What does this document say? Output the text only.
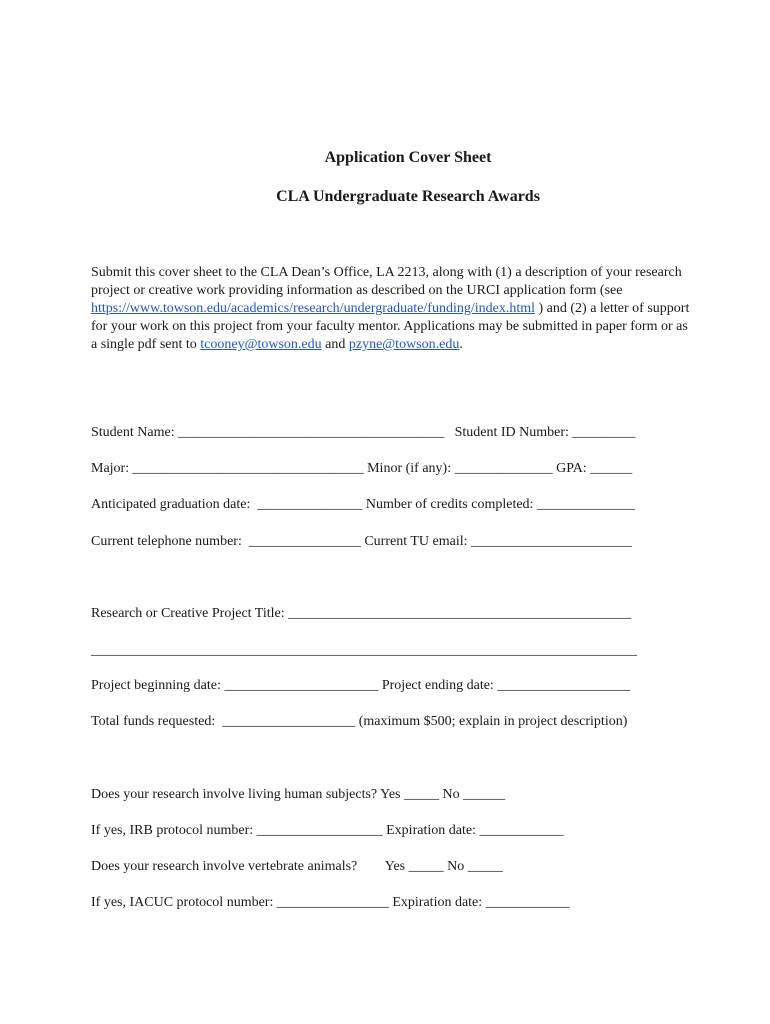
Application Cover Sheet
CLA Undergraduate Research Awards

Submit this cover sheet to the CLA Dean’s Office, LA 2213, along with (1) a description of your research project or creative work providing information as described on the URCI application form (see https://www.towson.edu/academics/research/undergraduate/funding/index.html ) and (2) a letter of support for your work on this project from your faculty mentor. Applications may be submitted in paper form or as a single pdf sent to tcooney@towson.edu and pzyne@towson.edu.

Student Name: ______________________________________   Student ID Number: _________
Major: _________________________________ Minor (if any): ______________ GPA: ______
Anticipated graduation date:  _______________ Number of credits completed: ______________
Current telephone number:  ________________ Current TU email: _______________________
Research or Creative Project Title: _________________________________________________
______________________________________________________________________________
Project beginning date: ______________________ Project ending date: ___________________
Total funds requested:  ___________________ (maximum $500; explain in project description)
Does your research involve living human subjects? Yes _____ No ______
If yes, IRB protocol number: __________________ Expiration date: ____________
Does your research involve vertebrate animals?        Yes _____ No _____
If yes, IACUC protocol number: ________________ Expiration date: ____________
